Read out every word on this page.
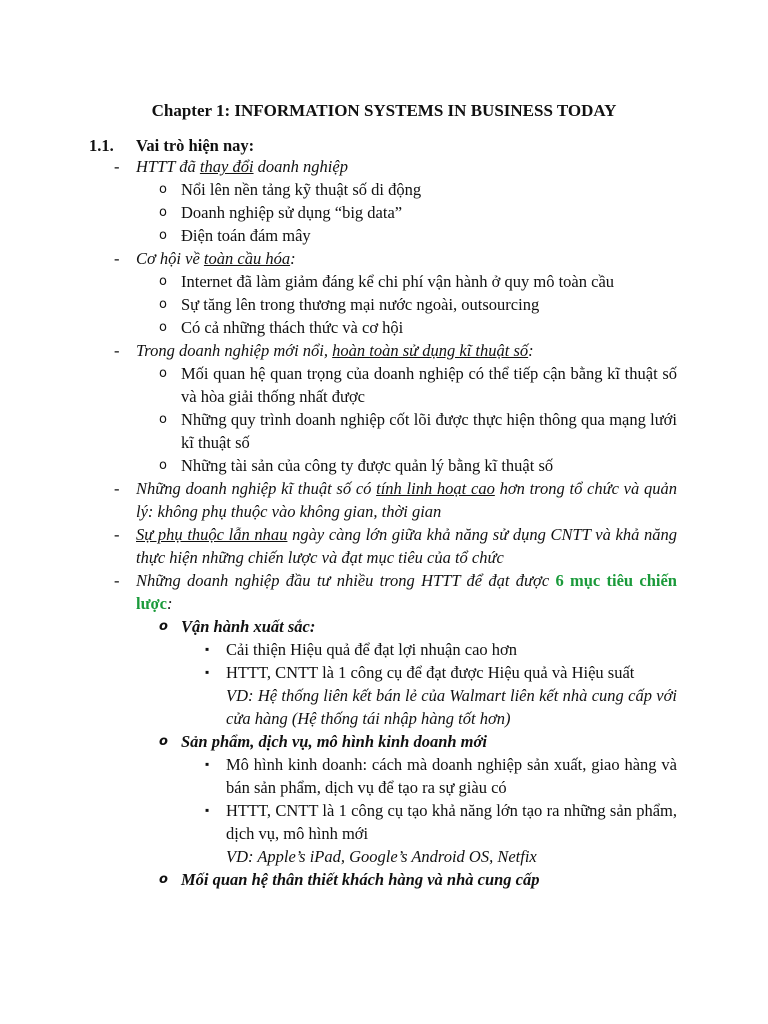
Chapter 1: INFORMATION SYSTEMS IN BUSINESS TODAY
1.1. Vai trò hiện nay:
- HTTT đã thay đổi doanh nghiệp
o Nổi lên nền tảng kỹ thuật số di động
o Doanh nghiệp sử dụng “big data”
o Điện toán đám mây
- Cơ hội về toàn cầu hóa:
o Internet đã làm giảm đáng kể chi phí vận hành ở quy mô toàn cầu
o Sự tăng lên trong thương mại nước ngoài, outsourcing
o Có cả những thách thức và cơ hội
- Trong doanh nghiệp mới nổi, hoàn toàn sử dụng kĩ thuật số:
o Mối quan hệ quan trọng của doanh nghiệp có thể tiếp cận bằng kĩ thuật số và hòa giải thống nhất được
o Những quy trình doanh nghiệp cốt lõi được thực hiện thông qua mạng lưới kĩ thuật số
o Những tài sản của công ty được quản lý bằng kĩ thuật số
- Những doanh nghiệp kĩ thuật số có tính linh hoạt cao hơn trong tổ chức và quản lý: không phụ thuộc vào không gian, thời gian
- Sự phụ thuộc lẫn nhau ngày càng lớn giữa khả năng sử dụng CNTT và khả năng thực hiện những chiến lược và đạt mục tiêu của tổ chức
- Những doanh nghiệp đầu tư nhiều trong HTTT để đạt được 6 mục tiêu chiến lược:
o Vận hành xuất sắc:
▪ Cải thiện Hiệu quả để đạt lợi nhuận cao hơn
▪ HTTT, CNTT là 1 công cụ để đạt được Hiệu quả và Hiệu suất
VD: Hệ thống liên kết bán lẻ của Walmart liên kết nhà cung cấp với cửa hàng (Hệ thống tái nhập hàng tốt hơn)
o Sản phẩm, dịch vụ, mô hình kinh doanh mới
▪ Mô hình kinh doanh: cách mà doanh nghiệp sản xuất, giao hàng và bán sản phẩm, dịch vụ để tạo ra sự giàu có
▪ HTTT, CNTT là 1 công cụ tạo khả năng lớn tạo ra những sản phẩm, dịch vụ, mô hình mới
VD: Apple’s iPad, Google’s Android OS, Netfix
o Mối quan hệ thân thiết khách hàng và nhà cung cấp
